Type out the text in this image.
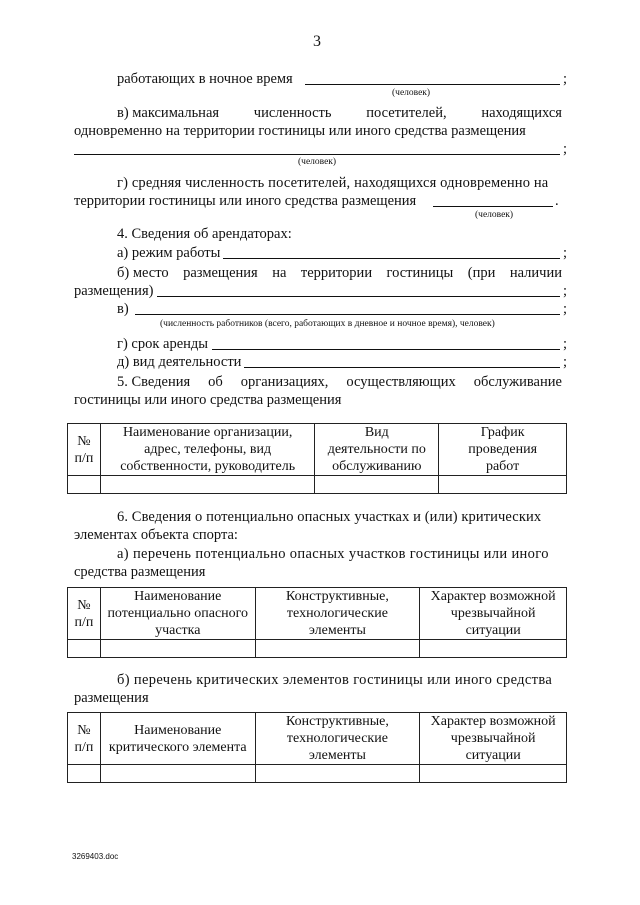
3
работающих в ночное время	;
(человек)
в) максимальная численность посетителей, находящихся
одновременно на территории гостиницы или иного средства размещения
;
(человек)
г) средняя численность посетителей, находящихся одновременно на
территории гостиницы или иного средства размещения	.
(человек)
4. Сведения об арендаторах:
а) режим работы	;
б) место размещения на территории гостиницы (при наличии
размещения)	;
в)	;
(численность работников (всего, работающих в дневное и ночное время), человек)
г) срок аренды	;
д) вид деятельности	;
5. Сведения об организациях, осуществляющих обслуживание
гостиницы или иного средства размещения
№
п/п	Наименование организации,
адрес, телефоны, вид
собственности, руководитель	Вид
деятельности по
обслуживанию	График
проведения
работ

6. Сведения о потенциально опасных участках и (или) критических
элементах объекта спорта:
а) перечень потенциально опасных участков гостиницы или иного
средства размещения
№
п/п	Наименование
потенциально опасного
участка	Конструктивные,
технологические
элементы	Характер возможной
чрезвычайной
ситуации

б) перечень критических элементов гостиницы или иного средства
размещения
№
п/п	Наименование
критического элемента	Конструктивные,
технологические
элементы	Характер возможной
чрезвычайной
ситуации

3269403.doc
